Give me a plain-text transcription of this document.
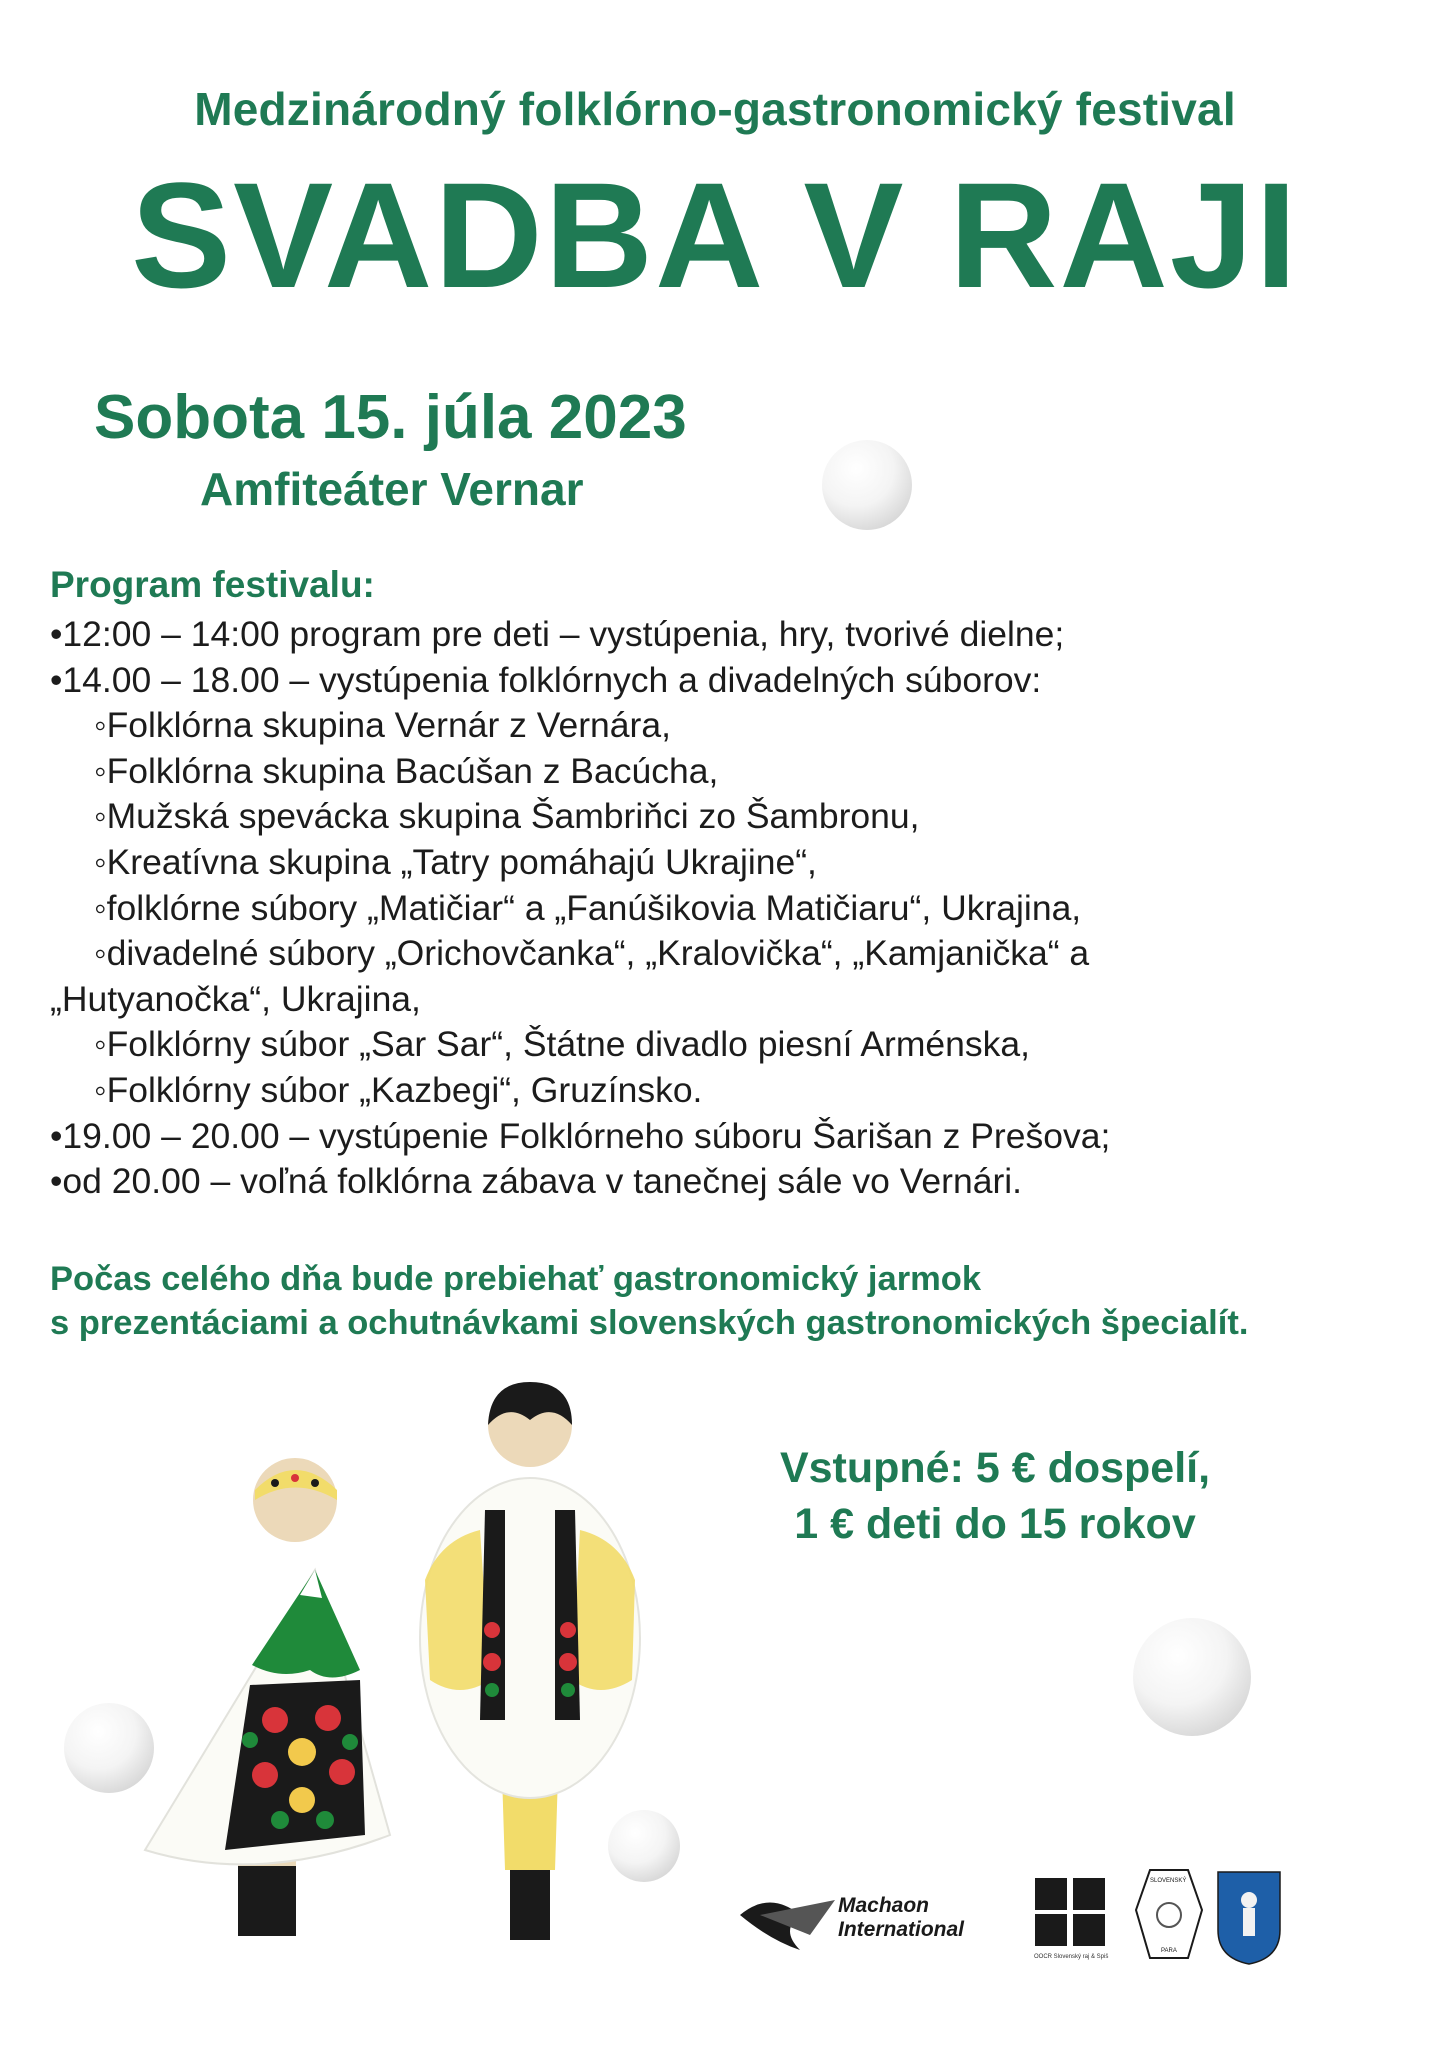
Medzinárodný folklórno-gastronomický festival
SVADBA V RAJI
Sobota 15. júla 2023
Amfiteáter Vernar
Program festivalu:
•12:00 – 14:00 program pre deti – vystúpenia, hry, tvorivé dielne;
•14.00 – 18.00 – vystúpenia folklórnych a divadelných súborov:
◦Folklórna skupina Vernár z Vernára,
◦Folklórna skupina Bacúšan z Bacúcha,
◦Mužská spevácka skupina Šambriňci zo Šambronu,
◦Kreatívna skupina „Tatry pomáhajú Ukrajine“,
◦folklórne súbory „Matičiar“ a „Fanúšikovia Matičiaru“, Ukrajina,
◦divadelné súbory „Orichovčanka“, „Kralovička“, „Kamjanička“ a
„Hutyanočka“, Ukrajina,
◦Folklórny súbor „Sar Sar“, Štátne divadlo piesní Arménska,
◦Folklórny súbor „Kazbegi“, Gruzínsko.
•19.00 – 20.00 – vystúpenie Folklórneho súboru Šarišan z Prešova;
•od 20.00 – voľná folklórna zábava v tanečnej sále vo Vernári.
Počas celého dňa bude prebiehať gastronomický jarmok
s prezentáciami a ochutnávkami slovenských gastronomických špecialít.
Vstupné: 5 € dospelí,
1 € deti do 15 rokov
Machaon
International
OOCR Slovenský raj & Spiš
SLOVENSKÝ
PARA
